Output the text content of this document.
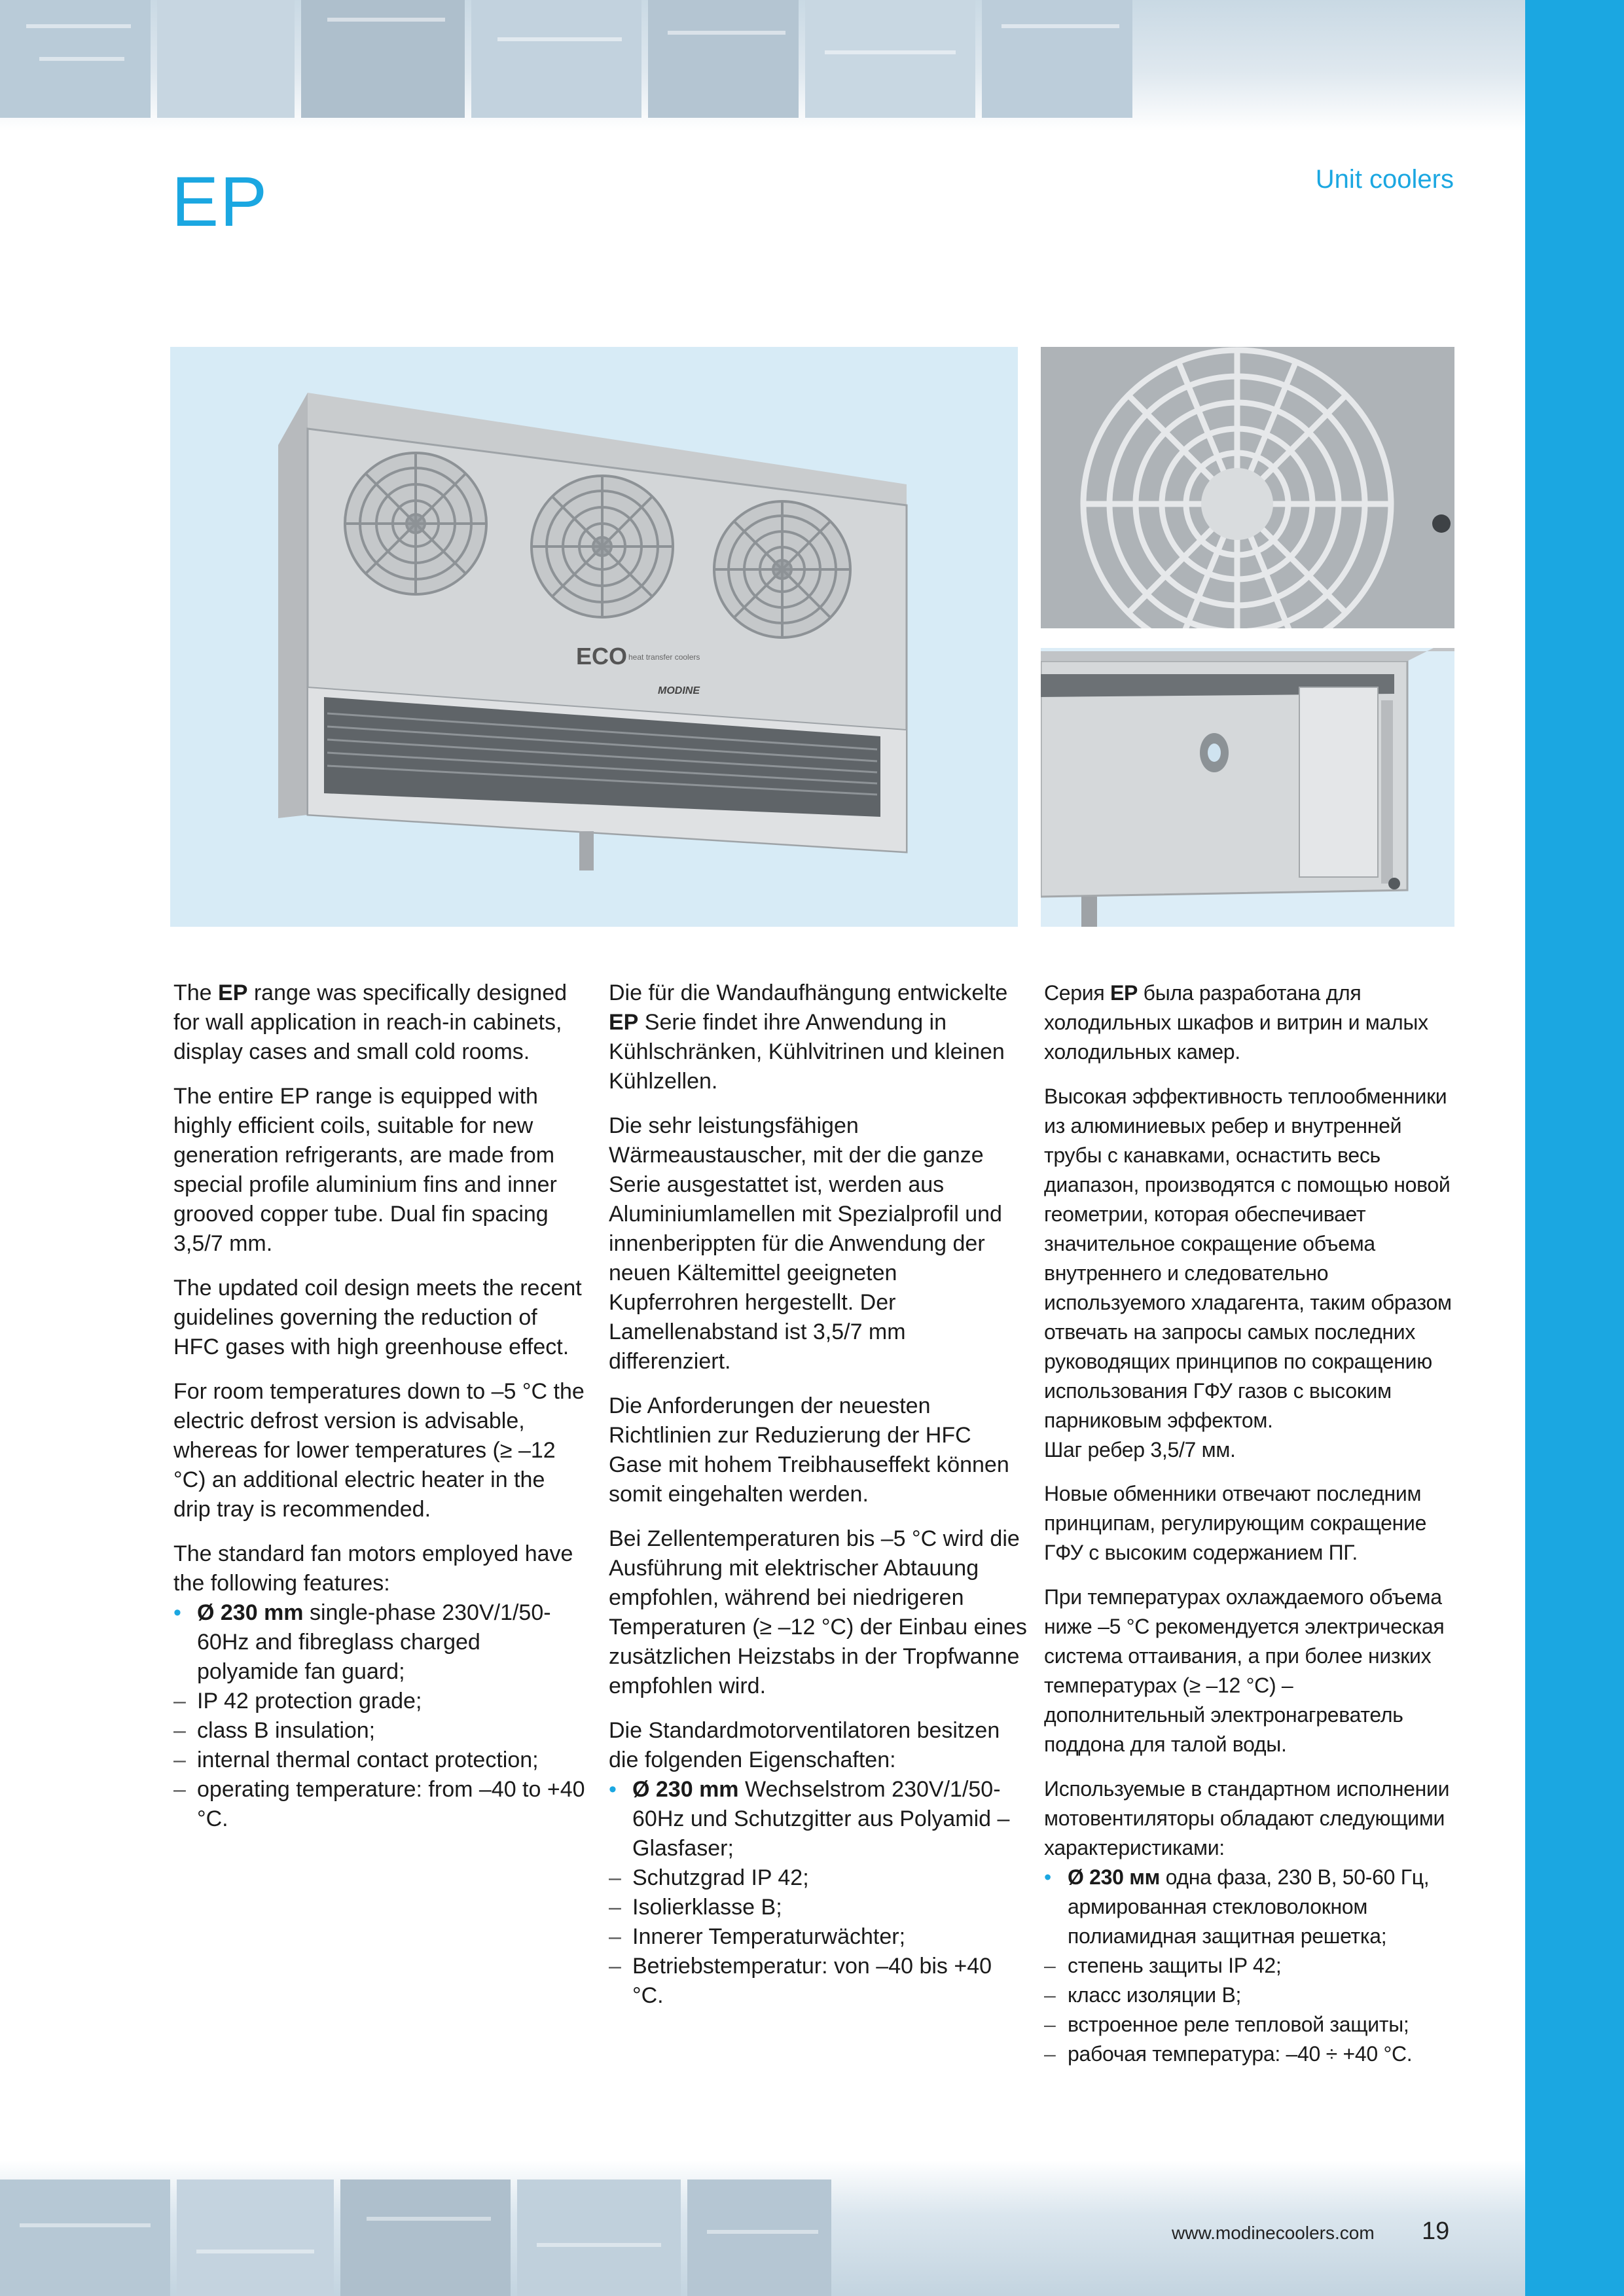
EP	Unit coolers
ECO heat transfer coolers
MODINE

The EP range was specifically designed for wall application in reach-in cabinets, display cases and small cold rooms.

The entire EP range is equipped with highly efficient coils, suitable for new generation refrigerants, are made from special profile aluminium fins and inner grooved copper tube. Dual fin spacing 3,5/7 mm.

The updated coil design meets the recent guidelines governing the reduction of HFC gases with high greenhouse effect.

For room temperatures down to –5 °C the electric defrost version is advisable, whereas for lower temperatures (≥ –12 °C) an additional electric heater in the drip tray is recommended.

The standard fan motors employed have the following features:

• Ø 230 mm single-phase 230V/1/50-60Hz and fibreglass charged polyamide fan guard;
– IP 42 protection grade;
– class B insulation;
– internal thermal contact protection;
– operating temperature: from –40 to +40 °C.

Die für die Wandaufhängung entwickelte EP Serie findet ihre Anwendung in Kühlschränken, Kühlvitrinen und kleinen Kühlzellen.

Die sehr leistungsfähigen Wärmeaustauscher, mit der die ganze Serie ausgestattet ist, werden aus Aluminiumlamellen mit Spezialprofil und innenberippten für die Anwendung der neuen Kältemittel geeigneten Kupferrohren hergestellt. Der Lamellenabstand ist 3,5/7 mm differenziert.

Die Anforderungen der neuesten Richtlinien zur Reduzierung der HFC Gase mit hohem Treibhauseffekt können somit eingehalten werden.

Bei Zellentemperaturen bis –5 °C wird die Ausführung mit elektrischer Abtauung empfohlen, während bei niedrigeren Temperaturen (≥ –12 °C) der Einbau eines zusätzlichen Heizstabs in der Tropfwanne empfohlen wird.

Die Standardmotorventilatoren besitzen die folgenden Eigenschaften:

• Ø 230 mm Wechselstrom 230V/1/50-60Hz und Schutzgitter aus Polyamid – Glasfaser;
– Schutzgrad IP 42;
– Isolierklasse B;
– Innerer Temperaturwächter;
– Betriebstemperatur: von –40 bis +40 °C.

Серия EP была разработана для холодильных шкафов и витрин и малых холодильных камер.

Высокая эффективность теплообменники из алюминиевых ребер и внутренней трубы с канавками, оснастить весь диапазон, производятся с помощью новой геометрии, которая обеспечивает значительное сокращение объема внутреннего и следовательно используемого хладагента, таким образом отвечать на запросы самых последних руководящих принципов по сокращению использования ГФУ газов с высоким парниковым эффектом.
Шаг ребер 3,5/7 мм.

Новые обменники отвечают последним принципам, регулирующим сокращение ГФУ с высоким содержанием ПГ.

При температурах охлаждаемого объема ниже –5 °C рекомендуется электрическая система оттаивания, а при более низких температурах (≥ –12 °C) – дополнительный электронагреватель поддона для талой воды.

Используемые в стандартном исполнении мотовентиляторы обладают следующими характеристиками:

• Ø 230 мм одна фаза, 230 В, 50-60 Гц, армированная стекловолокном полиамидная защитная решетка;
– степень защиты IP 42;
– класс изоляции B;
– встроенное реле тепловой защиты;
– рабочая температура: –40 ÷ +40 °C.
www.modinecoolers.com 19
